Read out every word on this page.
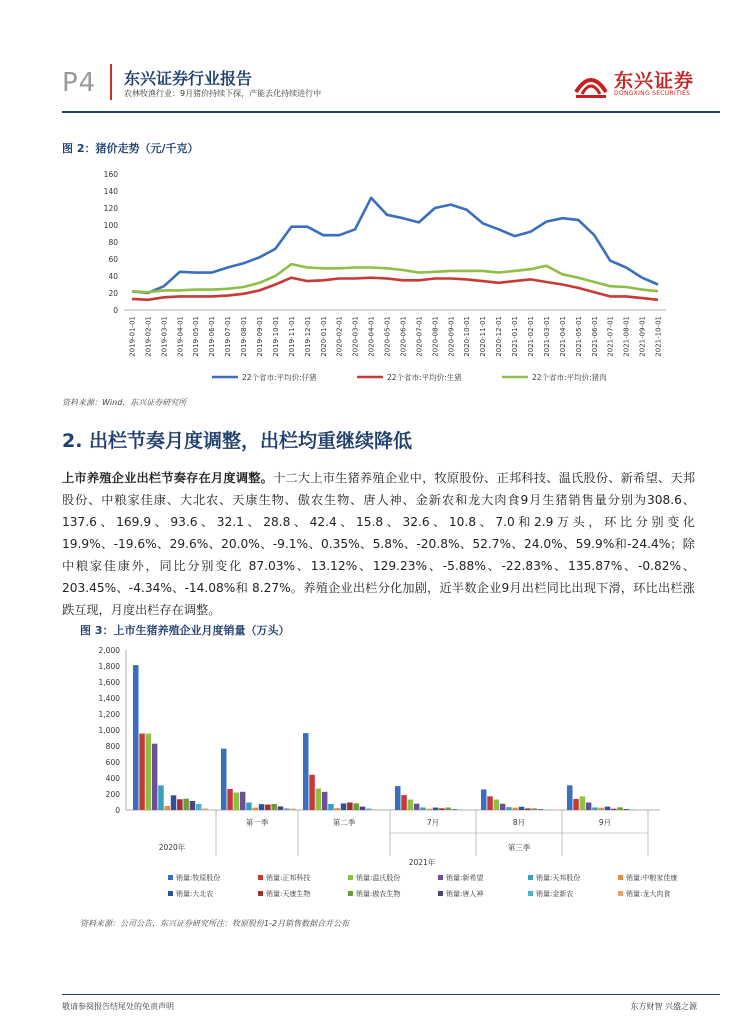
P4 东兴证券行业报告
农林牧渔行业：9月猪价持续下探，产能去化持续进行中
东兴证券
DONGXING SECURITIES
图 2：猪价走势（元/千克）
0
20
40
60
80
100
120
140
160
2019-01-01 2019-02-01 2019-03-01 2019-04-01 2019-05-01 2019-06-01 2019-07-01 2019-08-01 2019-09-01 2019-10-01 2019-11-01 2019-12-01 2020-01-01 2020-02-01 2020-03-01 2020-04-01 2020-05-01 2020-06-01 2020-07-01 2020-08-01 2020-09-01 2020-10-01 2020-11-01 2020-12-01 2021-01-01 2021-02-01 2021-03-01 2021-04-01 2021-05-01 2021-06-01 2021-07-01 2021-08-01 2021-09-01 2021-10-01
22个省市:平均价:仔猪	22个省市:平均价:生猪	22个省市:平均价:猪肉
资料来源：Wind，东兴证券研究所
2. 出栏节奏月度调整，出栏均重继续降低
上市养殖企业出栏节奏存在月度调整。十二大上市生猪养殖企业中，牧原股份、正邦科技、温氏股份、新希望、天邦股份、中粮家佳康、大北农、天康生物、傲农生物、唐人神、金新农和龙大肉食9月生猪销售量分别为308.6、137.6、169.9、93.6、32.1、28.8、42.4、15.8、32.6、10.8、7.0和2.9万头，环比分别变化19.9%、-19.6%、29.6%、20.0%、-9.1%、0.35%、5.8%、-20.8%、52.7%、24.0%、59.9%和-24.4%；除中粮家佳康外，同比分别变化 87.03%、13.12%、129.23%、-5.88%、-22.83%、135.87%、-0.82%、203.45%、-4.34%、-14.08%和 8.27%。养殖企业出栏分化加剧，近半数企业9月出栏同比出现下滑，环比出栏涨跌互现，月度出栏存在调整。
图 3：上市生猪养殖企业月度销量（万头）
0
200
400
600
800
1,000
1,200
1,400
1,600
1,800
2,000
第一季	第二季	7月	8月	9月
2020年	第三季
2021年
销量:牧原股份	销量:正邦科技	销量:温氏股份	销量:新希望	销量:天邦股份	销量:中粮家佳康
销量:大北农	销量:天康生物	销量:傲农生物	销量:唐人神	销量:金新农	销量:龙大肉食
资料来源：公司公告，东兴证券研究所注：牧原股份1-2月销售数据合并公布
敬请参阅报告结尾处的免责声明	东方财智 兴盛之源
